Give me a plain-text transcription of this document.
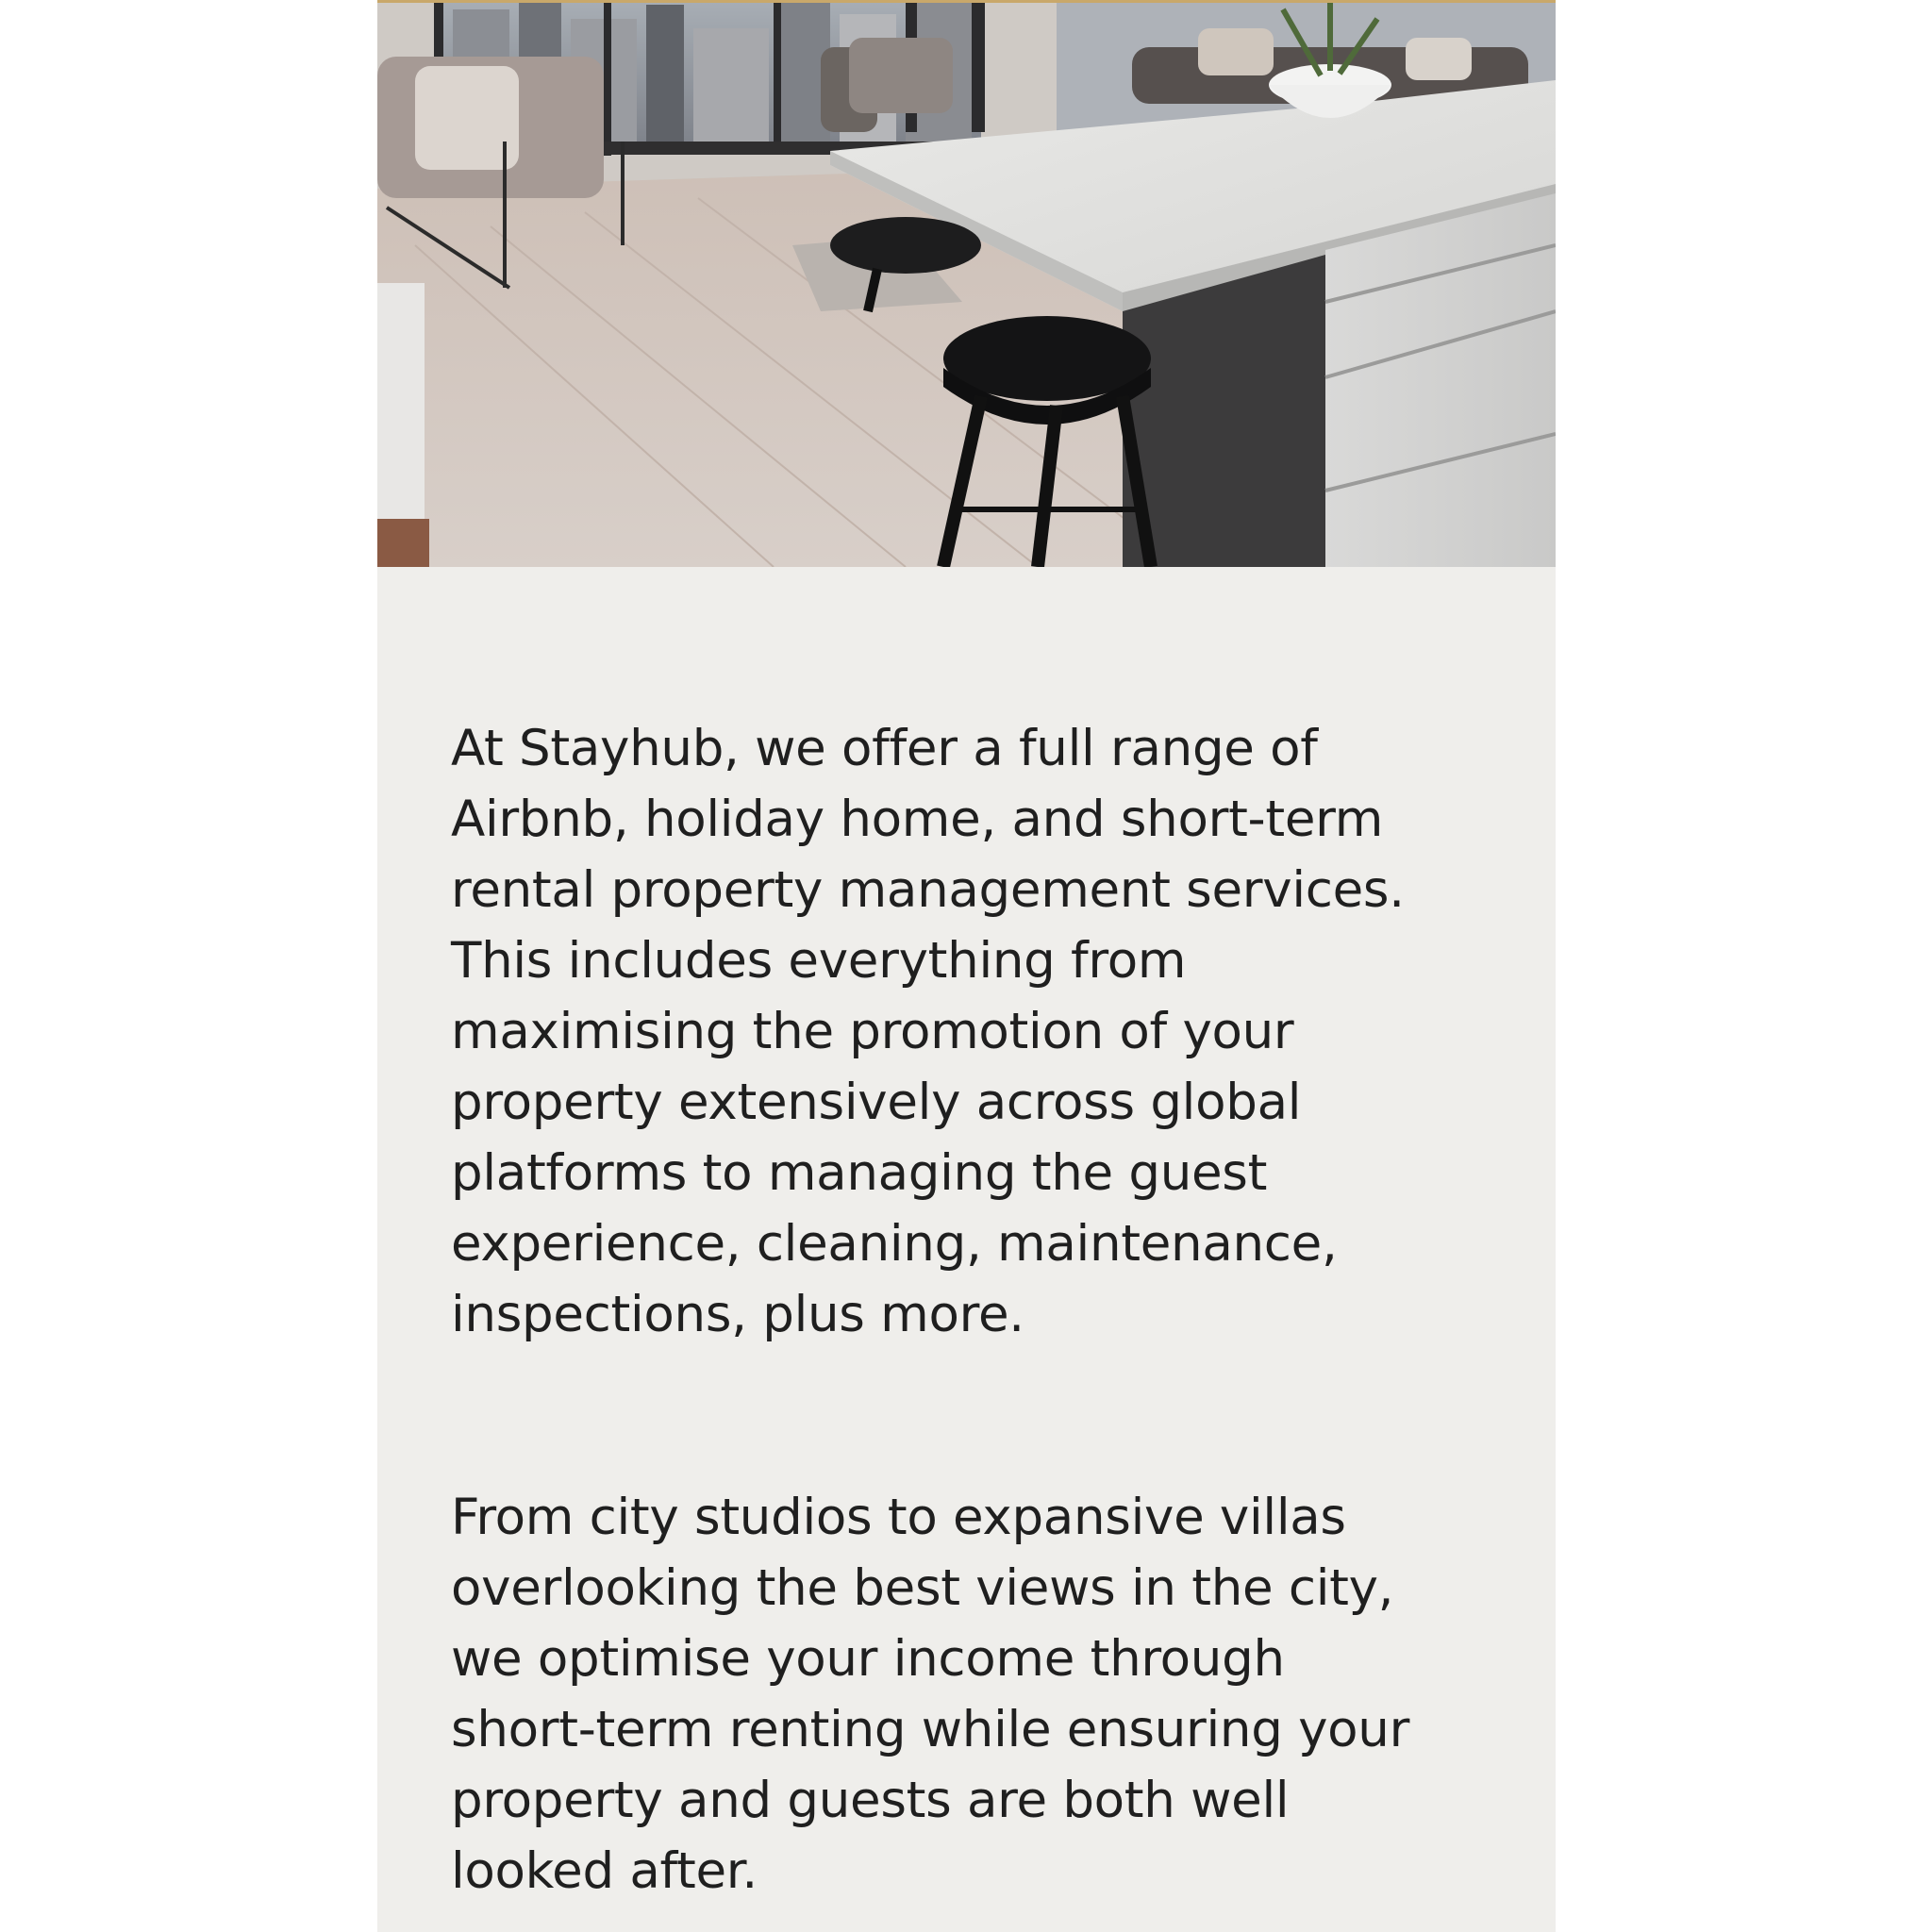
At Stayhub, we offer a full range of
Airbnb, holiday home, and short-term
rental property management services.
This includes everything from
maximising the promotion of your
property extensively across global
platforms to managing the guest
experience, cleaning, maintenance,
inspections, plus more.

From city studios to expansive villas
overlooking the best views in the city,
we optimise your income through
short-term renting while ensuring your
property and guests are both well
looked after.
